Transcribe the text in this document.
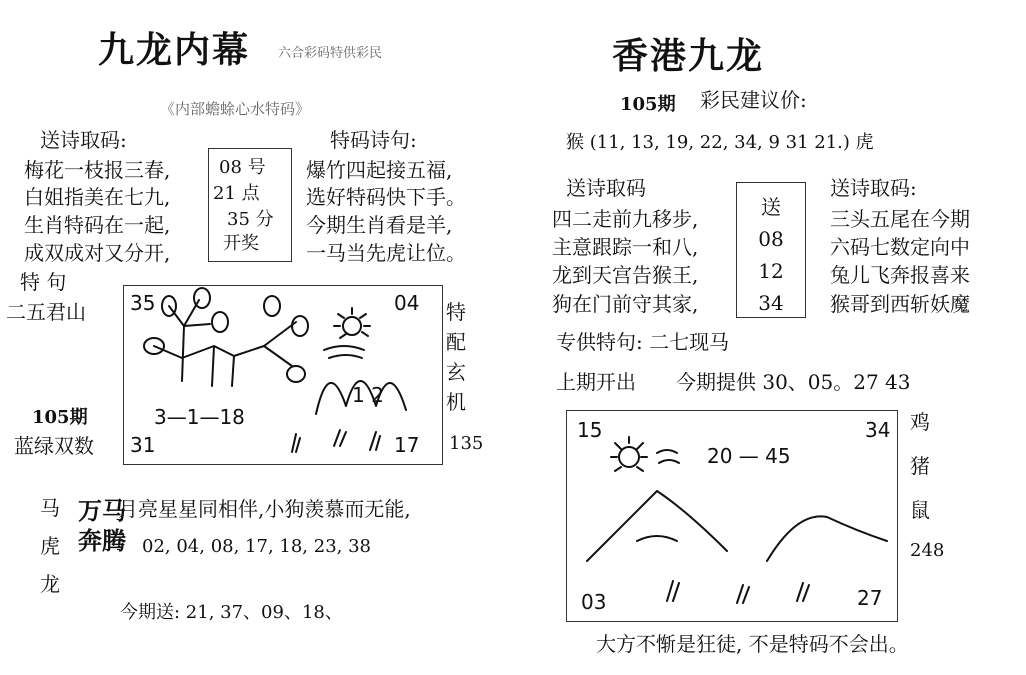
九龙内幕 六合彩码特供彩民
《内部蟾蜍心水特码》
送诗取码:
梅花一枝报三春,
白姐指美在七九,
生肖特码在一起,
成双成对又分开,
08 号
21 点
35 分
开奖
特码诗句:
爆竹四起接五福,
选好特码快下手。
今期生肖看是羊,
一马当先虎让位。
特 句
二五君山
105期
蓝绿双数
35	04
31	17
3—1—18
1 2
特
配
玄
机
135
马
虎
龙
万马
奔腾
月亮星星同相伴,小狗羡慕而无能,
02, 04, 08, 17, 18, 23, 38
今期送: 21, 37、09、18、
香港九龙
105期 彩民建议价:
猴 (11, 13, 19, 22, 34, 9 31 21.) 虎
送诗取码
四二走前九移步,
主意跟踪一和八,
龙到天宫告猴王,
狗在门前守其家,
送
08
12
34
送诗取码:
三头五尾在今期
六码七数定向中
兔儿飞奔报喜来
猴哥到西斩妖魔
专供特句: 二七现马
上期开出 今期提供 30、05。27 43
15	34
03	27
20 — 45
鸡
猪
鼠
248
大方不惭是狂徒, 不是特码不会出。
